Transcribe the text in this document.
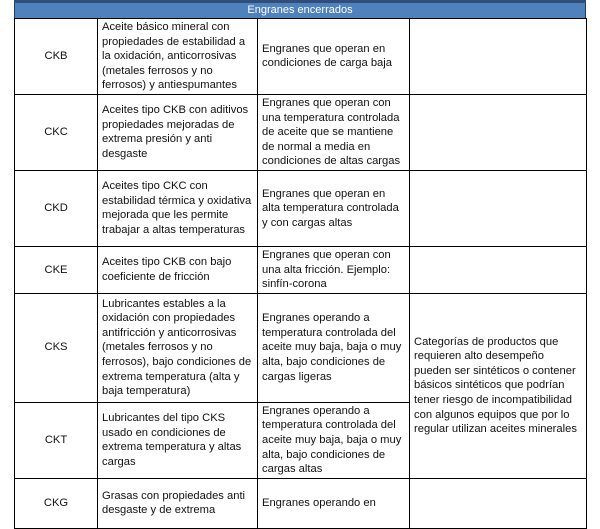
Engranes encerrados
CKB	Aceite básico mineral con propiedades de estabilidad a la oxidación, anticorrosivas (metales ferrosos y no ferrosos) y antiespumantes	Engranes que operan en condiciones de carga baja	
CKC	Aceites tipo CKB con aditivos propiedades mejoradas de extrema presión y anti desgaste	Engranes que operan con una temperatura controlada de aceite que se mantiene de normal a media en condiciones de altas cargas	
CKD	Aceites tipo CKC con estabilidad térmica y oxidativa mejorada que les permite trabajar a altas temperaturas	Engranes que operan en alta temperatura controlada y con cargas altas	
CKE	Aceites tipo CKB con bajo coeficiente de fricción	Engranes que operan con una alta fricción. Ejemplo: sinfín-corona	
CKS	Lubricantes estables a la oxidación con propiedades antifricción y anticorrosivas (metales ferrosos y no ferrosos), bajo condiciones de extrema temperatura (alta y baja temperatura)	Engranes operando a temperatura controlada del aceite muy baja, baja o muy alta, bajo condiciones de cargas ligeras	Categorías de productos que requieren alto desempeño pueden ser sintéticos o contener básicos sintéticos que podrían tener riesgo de incompatibilidad con algunos equipos que por lo regular utilizan aceites minerales
CKT	Lubricantes del tipo CKS usado en condiciones de extrema temperatura y altas cargas	Engranes operando a temperatura controlada del aceite muy baja, baja o muy alta, bajo condiciones de cargas altas	
CKG	Grasas con propiedades anti desgaste y de extrema	Engranes operando en	
